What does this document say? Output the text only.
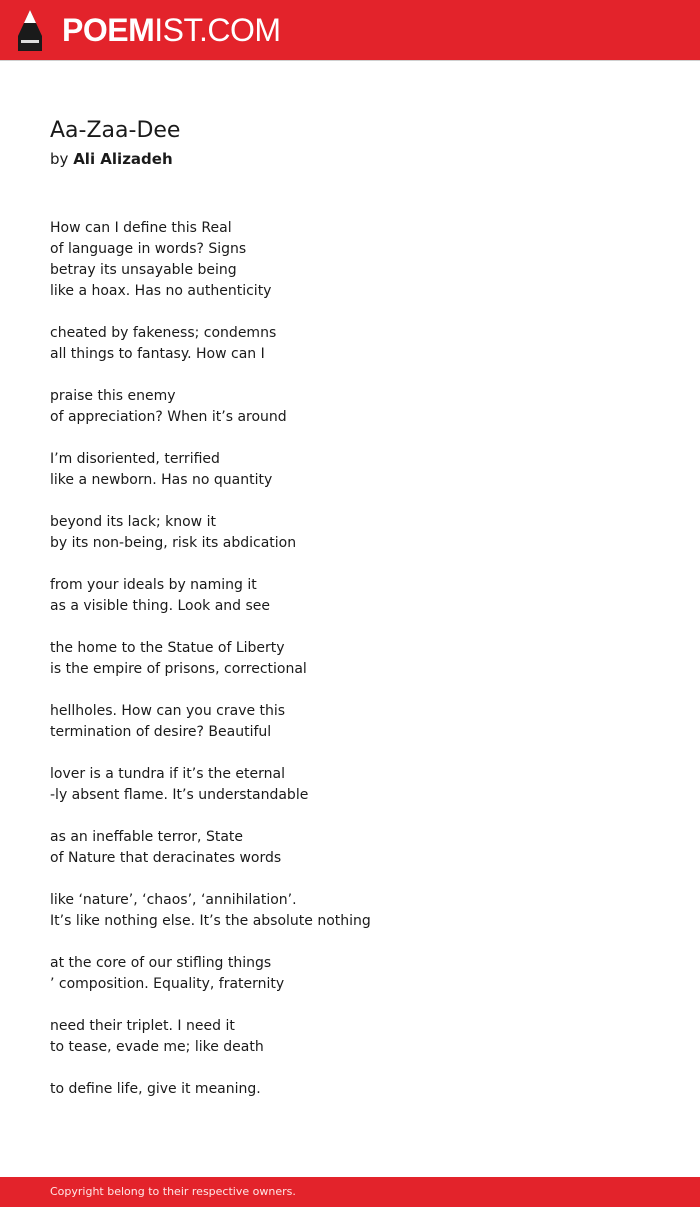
POEMIST.COM
Aa-Zaa-Dee
by Ali Alizadeh
How can I define this Real
of language in words? Signs
betray its unsayable being
like a hoax. Has no authenticity
cheated by fakeness; condemns
all things to fantasy. How can I
praise this enemy
of appreciation? When it’s around
I’m disoriented, terrified
like a newborn. Has no quantity
beyond its lack; know it
by its non-being, risk its abdication
from your ideals by naming it
as a visible thing. Look and see
the home to the Statue of Liberty
is the empire of prisons, correctional
hellholes. How can you crave this
termination of desire? Beautiful
lover is a tundra if it’s the eternal
-ly absent flame. It’s understandable
as an ineffable terror, State
of Nature that deracinates words
like ‘nature’, ‘chaos’, ‘annihilation’.
It’s like nothing else. It’s the absolute nothing
at the core of our stifling things
’ composition. Equality, fraternity
need their triplet. I need it
to tease, evade me; like death
to define life, give it meaning.
Copyright belong to their respective owners.
